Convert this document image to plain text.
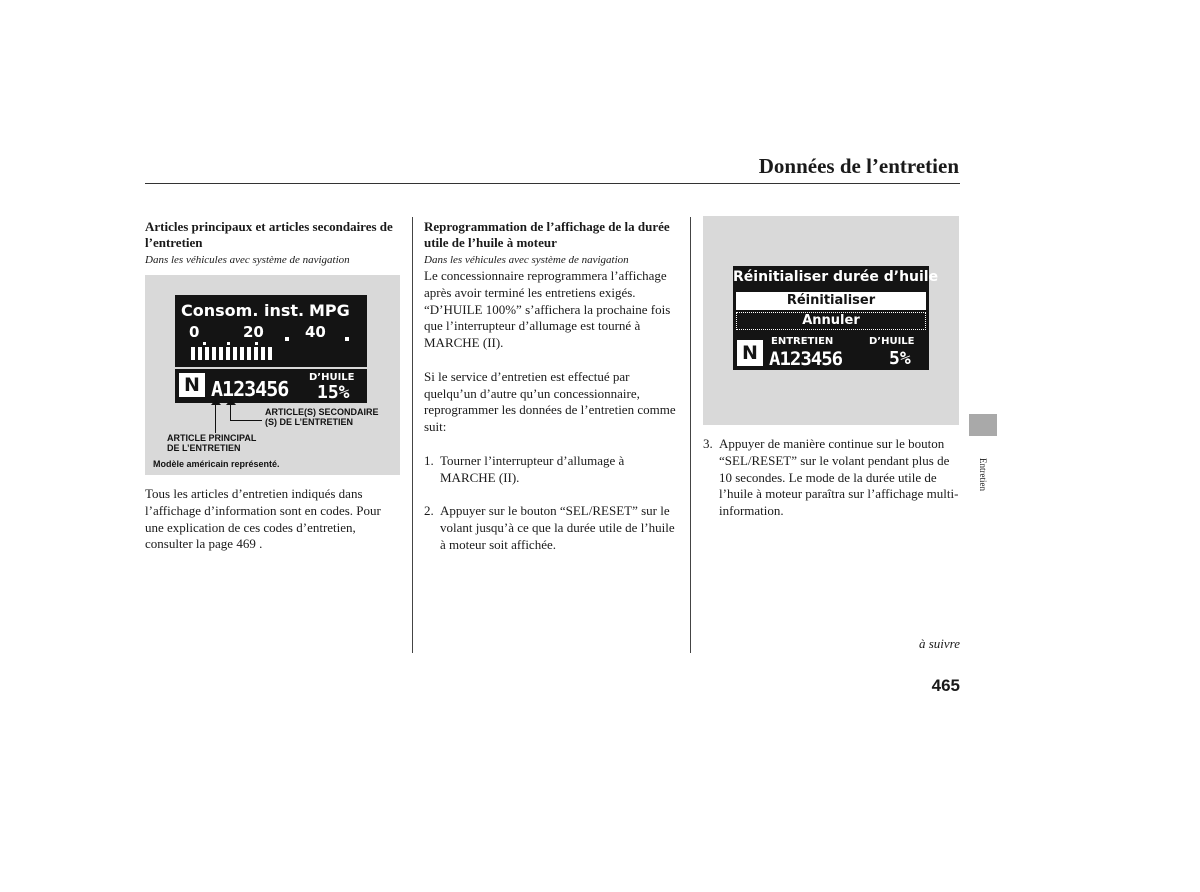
Données de l’entretien
Articles principaux et articles secondaires de l’entretien
Dans les véhicules avec système de navigation
Consom. inst. MPG
0	20	40
N A123456 D’HUILE
15%
ARTICLE(S) SECONDAIRE
(S) DE L’ENTRETIEN
ARTICLE PRINCIPAL
DE L’ENTRETIEN
Modèle américain représenté.

Tous les articles d’entretien indiqués dans l’affichage d’information sont en codes. Pour une explication de ces codes d’entretien, consulter la page 469 .

Reprogrammation de l’affichage de la durée utile de l’huile à moteur
Dans les véhicules avec système de navigation

Le concessionnaire reprogrammera l’affichage après avoir terminé les entretiens exigés. “D’HUILE 100%” s’affichera la prochaine fois que l’interrupteur d’allumage est tourné à MARCHE (II).

Si le service d’entretien est effectué par quelqu’un d’autre qu’un concessionnaire, reprogrammer les données de l’entretien comme suit:

1. Tourner l’interrupteur d’allumage à MARCHE (II).
2. Appuyer sur le bouton “SEL/RESET” sur le volant jusqu’à ce que la durée utile de l’huile à moteur soit affichée.
Réinitialiser durée d’huile
Réinitialiser
Annuler
N
ENTRETIEN	D’HUILE
A123456	5%
3. Appuyer de manière continue sur le bouton “SEL/RESET” sur le volant pendant plus de 10 secondes. Le mode de la durée utile de l’huile à moteur paraîtra sur l’affichage multi-information.
Entretien
à suivre
465
